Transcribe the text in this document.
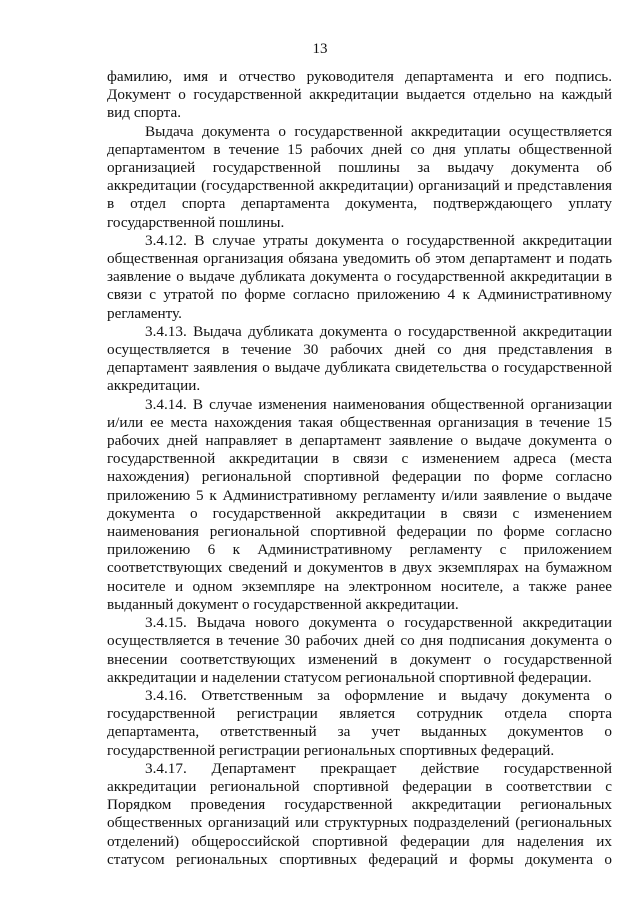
13

фамилию, имя и отчество руководителя департамента и его подпись. Документ о государственной аккредитации выдается отдельно на каждый вид спорта.

Выдача документа о государственной аккредитации осуществляется департаментом в течение 15 рабочих дней со дня уплаты общественной организацией государственной пошлины за выдачу документа об аккредитации (государственной аккредитации) организаций и представления в отдел спорта департамента документа, подтверждающего уплату государственной пошлины.

3.4.12. В случае утраты документа о государственной аккредитации общественная организация обязана уведомить об этом департамент и подать заявление о выдаче дубликата документа о государственной аккредитации в связи с утратой по форме согласно приложению 4 к Административному регламенту.

3.4.13. Выдача дубликата документа о государственной аккредитации осуществляется в течение 30 рабочих дней со дня представления в департамент заявления о выдаче дубликата свидетельства о государственной аккредитации.

3.4.14. В случае изменения наименования общественной организации и/или ее места нахождения такая общественная организация в течение 15 рабочих дней направляет в департамент заявление о выдаче документа о государственной аккредитации в связи с изменением адреса (места нахождения) региональной спортивной федерации по форме согласно приложению 5 к Административному регламенту и/или заявление о выдаче документа о государственной аккредитации в связи с изменением наименования региональной спортивной федерации по форме согласно приложению 6 к Административному регламенту с приложением соответствующих сведений и документов в двух экземплярах на бумажном носителе и одном экземпляре на электронном носителе, а также ранее выданный документ о государственной аккредитации.

3.4.15. Выдача нового документа о государственной аккредитации осуществляется в течение 30 рабочих дней со дня подписания документа о внесении соответствующих изменений в документ о государственной аккредитации и наделении статусом региональной спортивной федерации.

3.4.16. Ответственным за оформление и выдачу документа о государственной регистрации является сотрудник отдела спорта департамента, ответственный за учет выданных документов о государственной регистрации региональных спортивных федераций.

3.4.17. Департамент прекращает действие государственной аккредитации региональной спортивной федерации в соответствии с Порядком проведения государственной аккредитации региональных общественных организаций или структурных подразделений (региональных отделений) общероссийской спортивной федерации для наделения их статусом региональных спортивных федераций и формы документа о
